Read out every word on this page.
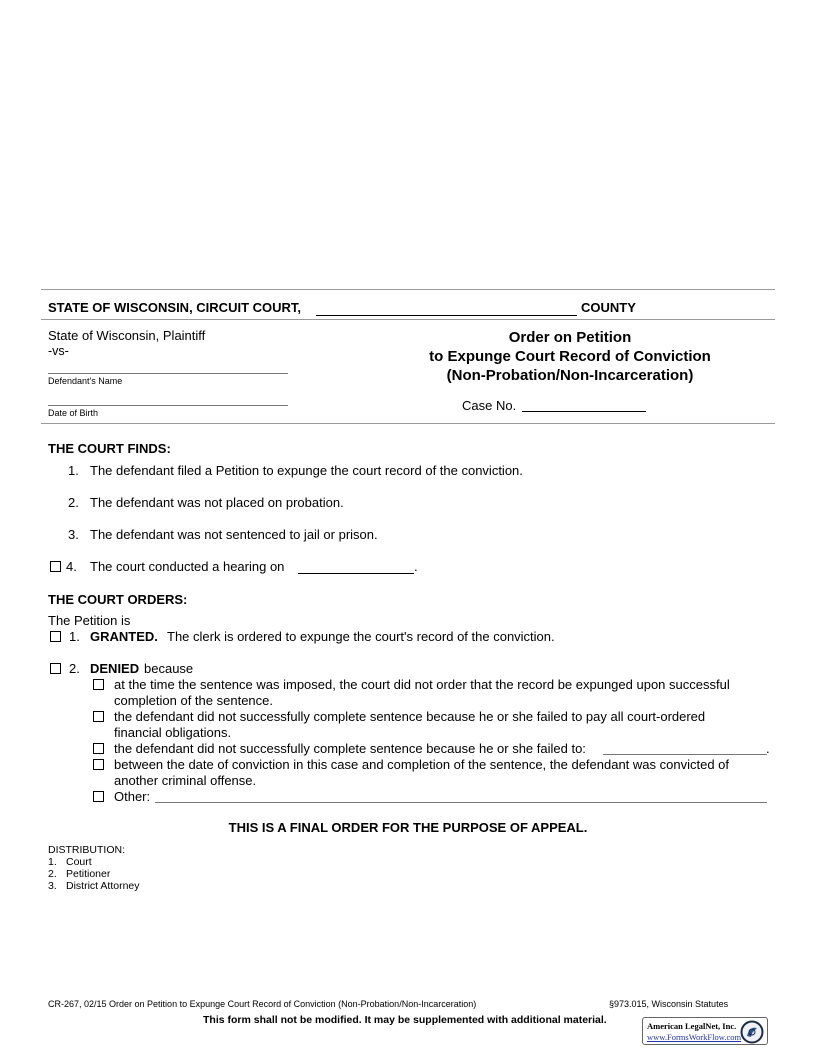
STATE OF WISCONSIN, CIRCUIT COURT,	COUNTY
State of Wisconsin, Plaintiff
-vs-
Defendant's Name
Date of Birth
Order on Petition
to Expunge Court Record of Conviction
(Non-Probation/Non-Incarceration)
Case No.
THE COURT FINDS:
1. The defendant filed a Petition to expunge the court record of the conviction.
2. The defendant was not placed on probation.
3. The defendant was not sentenced to jail or prison.
4. The court conducted a hearing on	.
THE COURT ORDERS:
The Petition is
1. GRANTED. The clerk is ordered to expunge the court's record of the conviction.
2. DENIED because
at the time the sentence was imposed, the court did not order that the record be expunged upon successful
completion of the sentence.
the defendant did not successfully complete sentence because he or she failed to pay all court-ordered
financial obligations.
the defendant did not successfully complete sentence because he or she failed to:	.
between the date of conviction in this case and completion of the sentence, the defendant was convicted of
another criminal offense.
Other:
THIS IS A FINAL ORDER FOR THE PURPOSE OF APPEAL.
DISTRIBUTION:
1. Court
2. Petitioner
3. District Attorney
CR-267, 02/15 Order on Petition to Expunge Court Record of Conviction (Non-Probation/Non-Incarceration)	§973.015, Wisconsin Statutes
This form shall not be modified. It may be supplemented with additional material.	American LegalNet, Inc.
www.FormsWorkFlow.com
